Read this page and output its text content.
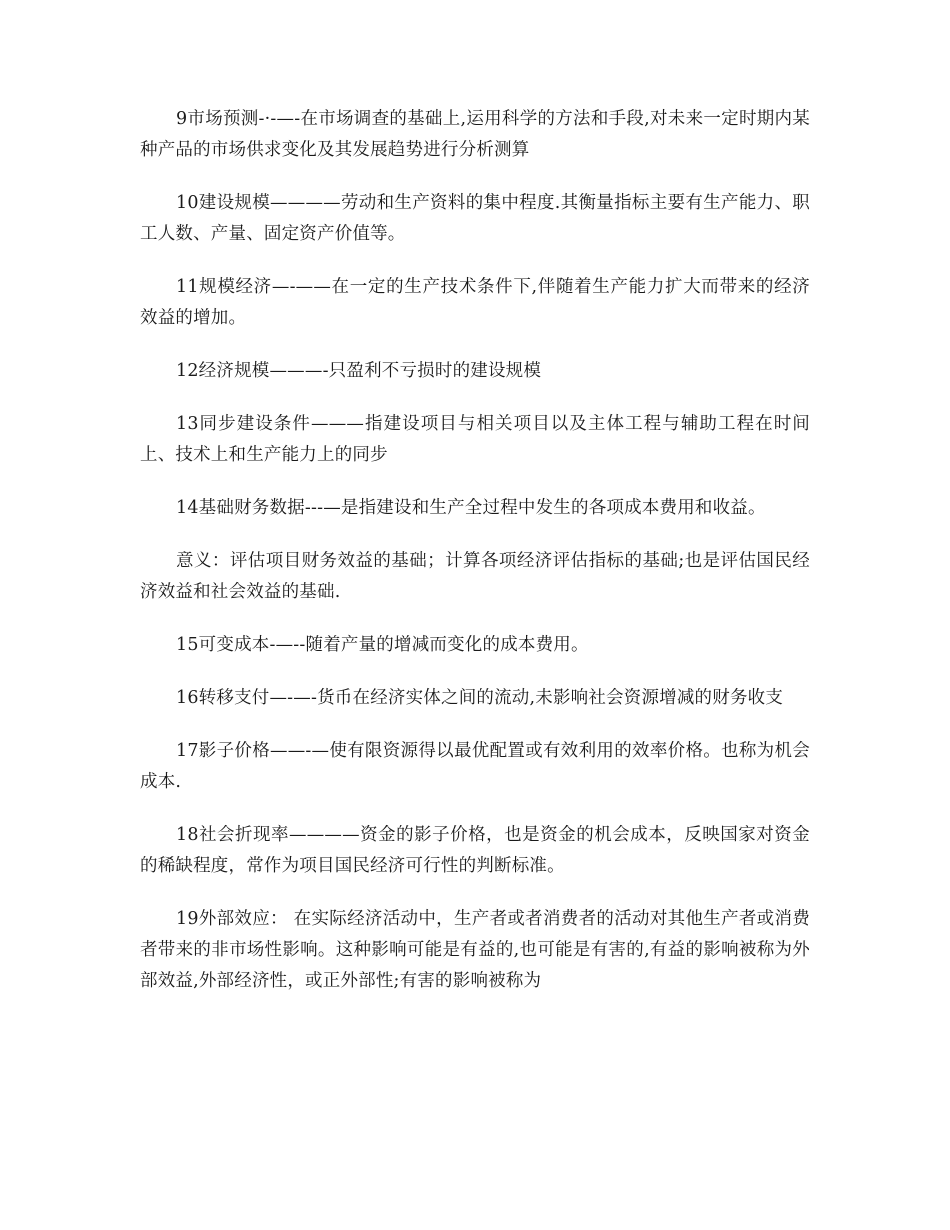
9市场预测-·-—-在市场调查的基础上,运用科学的方法和手段,对未来一定时期内某种产品的市场供求变化及其发展趋势进行分析测算

10建设规模————劳动和生产资料的集中程度.其衡量指标主要有生产能力、职工人数、产量、固定资产价值等。

11规模经济—-——在一定的生产技术条件下,伴随着生产能力扩大而带来的经济效益的增加。

12经济规模———-只盈利不亏损时的建设规模

13同步建设条件———指建设项目与相关项目以及主体工程与辅助工程在时间上、技术上和生产能力上的同步

14基础财务数据---—是指建设和生产全过程中发生的各项成本费用和收益。

意义：评估项目财务效益的基础；计算各项经济评估指标的基础;也是评估国民经济效益和社会效益的基础.

15可变成本-—--随着产量的增减而变化的成本费用。

16转移支付—-—-货币在经济实体之间的流动,未影响社会资源增减的财务收支

17影子价格——-—使有限资源得以最优配置或有效利用的效率价格。也称为机会成本.

18社会折现率————资金的影子价格，也是资金的机会成本，反映国家对资金的稀缺程度，常作为项目国民经济可行性的判断标准。

19外部效应： 在实际经济活动中，生产者或者消费者的活动对其他生产者或消费者带来的非市场性影响。这种影响可能是有益的,也可能是有害的,有益的影响被称为外部效益,外部经济性，或正外部性;有害的影响被称为
